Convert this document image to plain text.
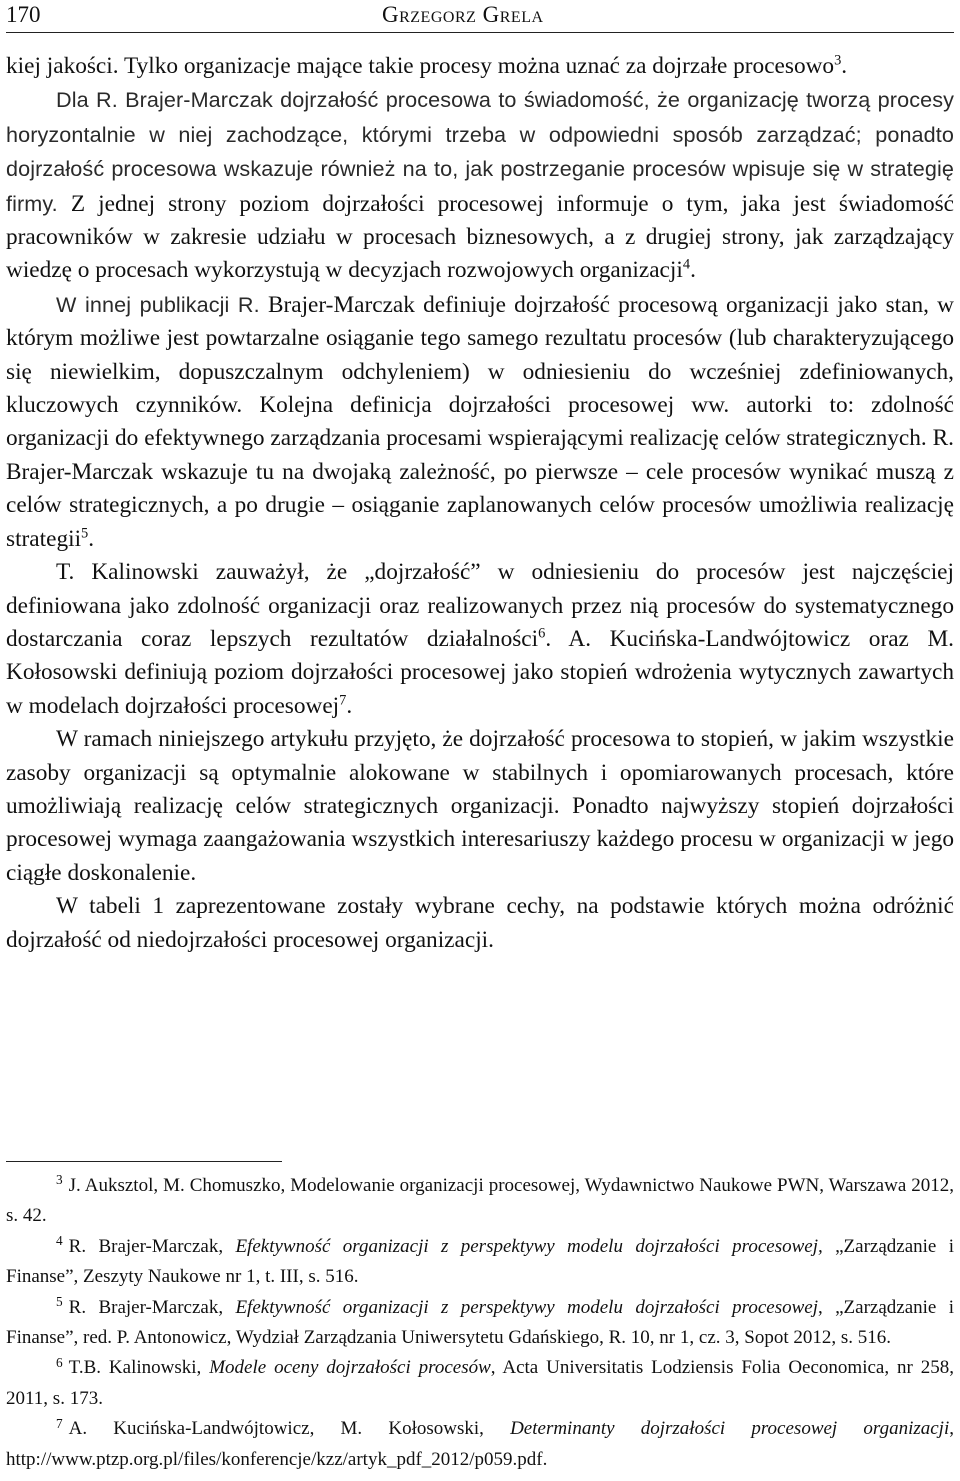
170	Grzegorz Grela

kiej jakości. Tylko organizacje mające takie procesy można uznać za dojrzałe procesowo$^3$.

Dla R. Brajer-Marczak dojrzałość procesowa to świadomość, że organizację tworzą procesy horyzontalnie w niej zachodzące, którymi trzeba w odpowiedni sposób zarządzać; ponadto dojrzałość procesowa wskazuje również na to, jak postrzeganie procesów wpisuje się w strategię firmy. Z jednej strony poziom dojrzałości procesowej informuje o tym, jaka jest świadomość pracowników w zakresie udziału w procesach biznesowych, a z drugiej strony, jak zarządzający wiedzę o procesach wykorzystują w decyzjach rozwojowych organizacji$^4$.

W innej publikacji R. Brajer-Marczak definiuje dojrzałość procesową organizacji jako stan, w którym możliwe jest powtarzalne osiąganie tego samego rezultatu procesów (lub charakteryzującego się niewielkim, dopuszczalnym odchyleniem) w odniesieniu do wcześniej zdefiniowanych, kluczowych czynników. Kolejna definicja dojrzałości procesowej ww. autorki to: zdolność organizacji do efektywnego zarządzania procesami wspierającymi realizację celów strategicznych. R. Brajer-Marczak wskazuje tu na dwojaką zależność, po pierwsze – cele procesów wynikać muszą z celów strategicznych, a po drugie – osiąganie zaplanowanych celów procesów umożliwia realizację strategii$^5$.

T. Kalinowski zauważył, że „dojrzałość” w odniesieniu do procesów jest najczęściej definiowana jako zdolność organizacji oraz realizowanych przez nią procesów do systematycznego dostarczania coraz lepszych rezultatów działalności$^6$. A. Kucińska-Landwójtowicz oraz M. Kołosowski definiują poziom dojrzałości procesowej jako stopień wdrożenia wytycznych zawartych w modelach dojrzałości procesowej$^7$.

W ramach niniejszego artykułu przyjęto, że dojrzałość procesowa to stopień, w jakim wszystkie zasoby organizacji są optymalnie alokowane w stabilnych i opomiarowanych procesach, które umożliwiają realizację celów strategicznych organizacji. Ponadto najwyższy stopień dojrzałości procesowej wymaga zaangażowania wszystkich interesariuszy każdego procesu w organizacji w jego ciągłe doskonalenie.

W tabeli 1 zaprezentowane zostały wybrane cechy, na podstawie których można odróżnić dojrzałość od niedojrzałości procesowej organizacji.

$^3$ J. Auksztol, M. Chomuszko, Modelowanie organizacji procesowej, Wydawnictwo Naukowe PWN, Warszawa 2012, s. 42.

$^4$ R. Brajer-Marczak, Efektywność organizacji z perspektywy modelu dojrzałości procesowej, „Zarządzanie i Finanse”, Zeszyty Naukowe nr 1, t. III, s. 516.

$^5$ R. Brajer-Marczak, Efektywność organizacji z perspektywy modelu dojrzałości procesowej, „Zarządzanie i Finanse”, red. P. Antonowicz, Wydział Zarządzania Uniwersytetu Gdańskiego, R. 10, nr 1, cz. 3, Sopot 2012, s. 516.

$^6$ T.B. Kalinowski, Modele oceny dojrzałości procesów, Acta Universitatis Lodziensis Folia Oeconomica, nr 258, 2011, s. 173.

$^7$ A. Kucińska-Landwójtowicz, M. Kołosowski, Determinanty dojrzałości procesowej organizacji, http://www.ptzp.org.pl/files/konferencje/kzz/artyk_pdf_2012/p059.pdf.
